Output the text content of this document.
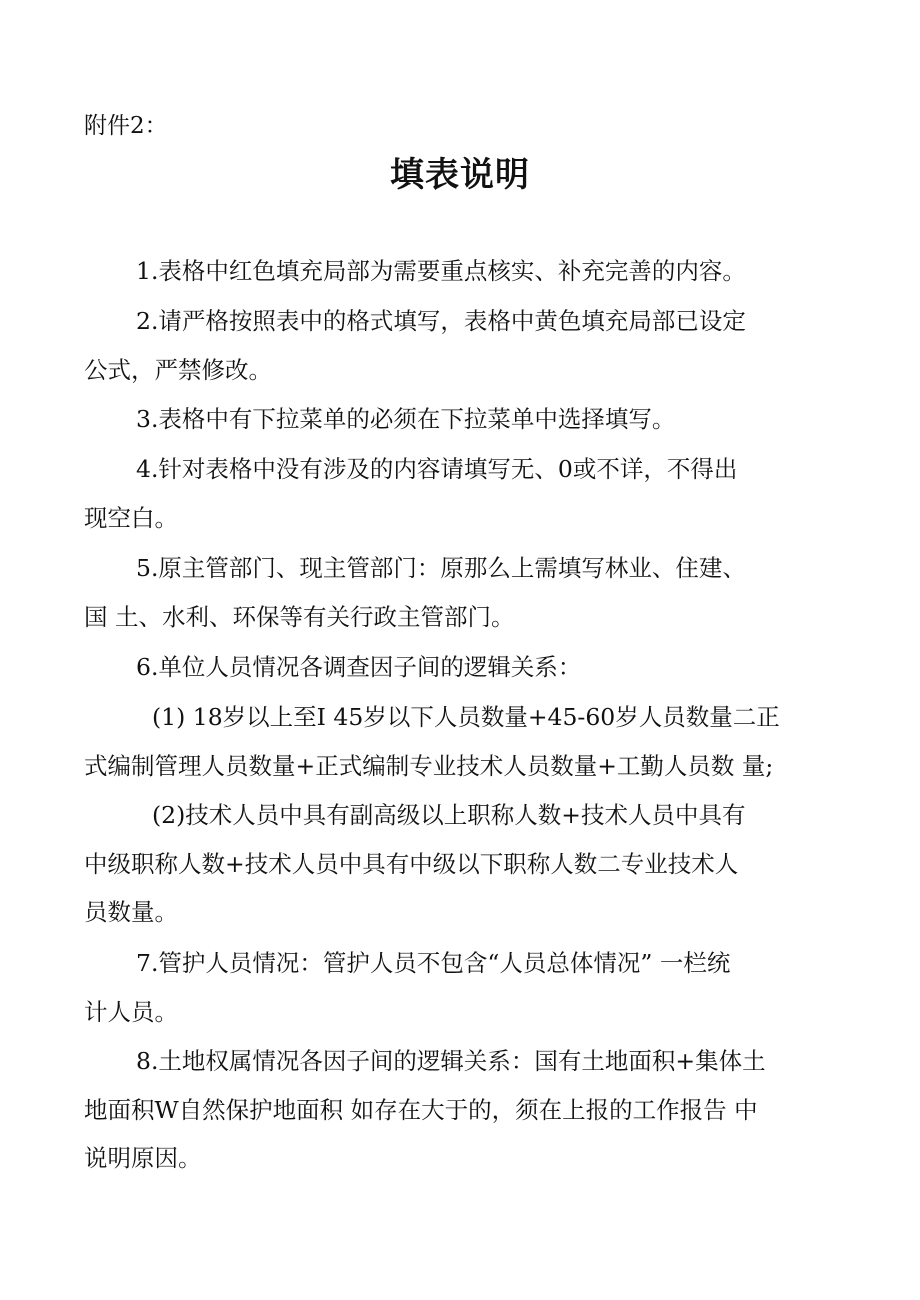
附件2：
填表说明

1.表格中红色填充局部为需要重点核实、补充完善的内容。

2.请严格按照表中的格式填写，表格中黄色填充局部已设定
公式，严禁修改。

3.表格中有下拉菜单的必须在下拉菜单中选择填写。

4.针对表格中没有涉及的内容请填写无、0或不详，不得出
现空白。

5.原主管部门、现主管部门：原那么上需填写林业、住建、
国 土、水利、环保等有关行政主管部门。

6.单位人员情况各调查因子间的逻辑关系：

(1) 18岁以上至I 45岁以下人员数量+45-60岁人员数量二正
式编制管理人员数量+正式编制专业技术人员数量+工勤人员数 量;

(2)技术人员中具有副高级以上职称人数+技术人员中具有
中级职称人数+技术人员中具有中级以下职称人数二专业技术人
员数量。

7.管护人员情况：管护人员不包含“人员总体情况” 一栏统
计人员。

8.土地权属情况各因子间的逻辑关系：国有土地面积+集体土
地面积W自然保护地面积 如存在大于的，须在上报的工作报告 中
说明原因。
